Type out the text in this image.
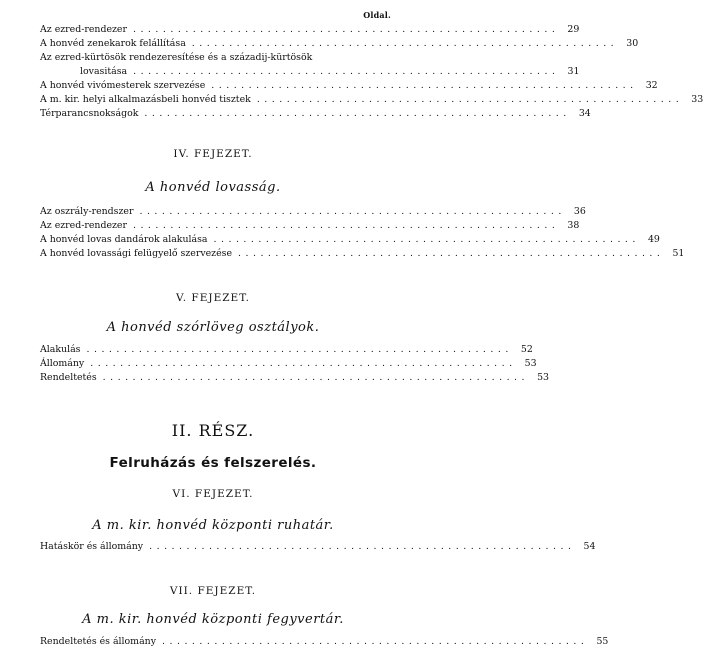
Oldal.
Az ezred-rendezer ......................................................... 29
A honvéd zenekarok felállítása ......................................................... 30
Az ezred-kürtösök rendezeresítése és a századij-kürtösök
lovasitása ......................................................... 31
A honvéd vivómesterek szervezése ......................................................... 32
A m. kir. helyi alkalmazásbeli honvéd tisztek ......................................................... 33
Térparancsnokságok ......................................................... 34
IV. FEJEZET.
A honvéd lovasság.
Az oszrály-rendszer ......................................................... 36
Az ezred-rendezer ......................................................... 38
A honvéd lovas dandárok alakulása ......................................................... 49
A honvéd lovassági felügyelő szervezése ......................................................... 51
V. FEJEZET.
A honvéd szórlöveg osztályok.
Alakulás ......................................................... 52
Állomány ......................................................... 53
Rendeltetés ......................................................... 53
II. RÉSZ.
Felruházás és felszerelés.
VI. FEJEZET.
A m. kir. honvéd központi ruhatár.
Hatáskör és állomány ......................................................... 54
VII. FEJEZET.
A m. kir. honvéd központi fegyvertár.
Rendeltetés és állomány ......................................................... 55
